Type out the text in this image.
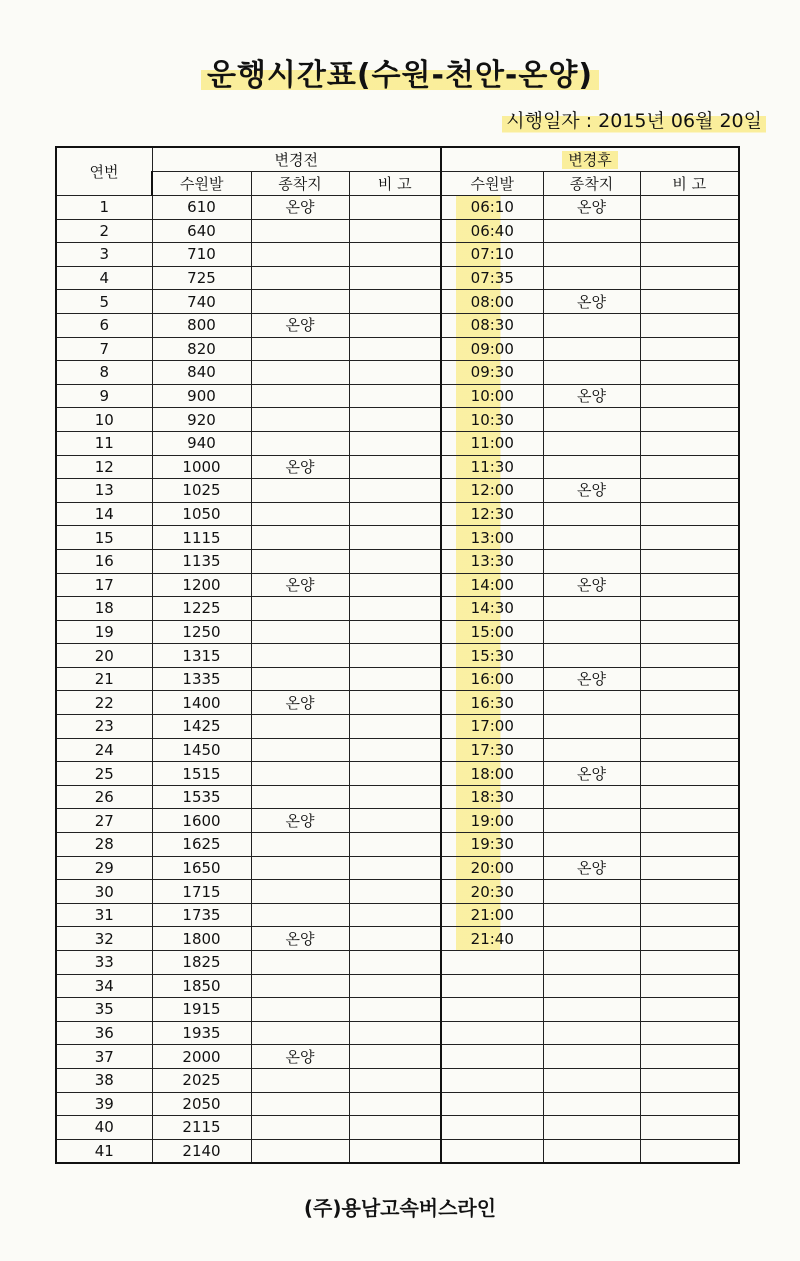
운행시간표(수원-천안-온양)
시행일자 : 2015년 06월 20일
연번	변경전			변경후		
	수원발	종착지	비 고	수원발	종착지	비 고
1	610	온양		06:10	온양	
2	640			06:40		
3	710			07:10		
4	725			07:35		
5	740			08:00	온양	
6	800	온양		08:30		
7	820			09:00		
8	840			09:30		
9	900			10:00	온양	
10	920			10:30		
11	940			11:00		
12	1000	온양		11:30		
13	1025			12:00	온양	
14	1050			12:30		
15	1115			13:00		
16	1135			13:30		
17	1200	온양		14:00	온양	
18	1225			14:30		
19	1250			15:00		
20	1315			15:30		
21	1335			16:00	온양	
22	1400	온양		16:30		
23	1425			17:00		
24	1450			17:30		
25	1515			18:00	온양	
26	1535			18:30		
27	1600	온양		19:00		
28	1625			19:30		
29	1650			20:00	온양	
30	1715			20:30		
31	1735			21:00		
32	1800	온양		21:40		
33	1825					
34	1850					
35	1915					
36	1935					
37	2000	온양				
38	2025					
39	2050					
40	2115					
41	2140					
(주)용남고속버스라인
